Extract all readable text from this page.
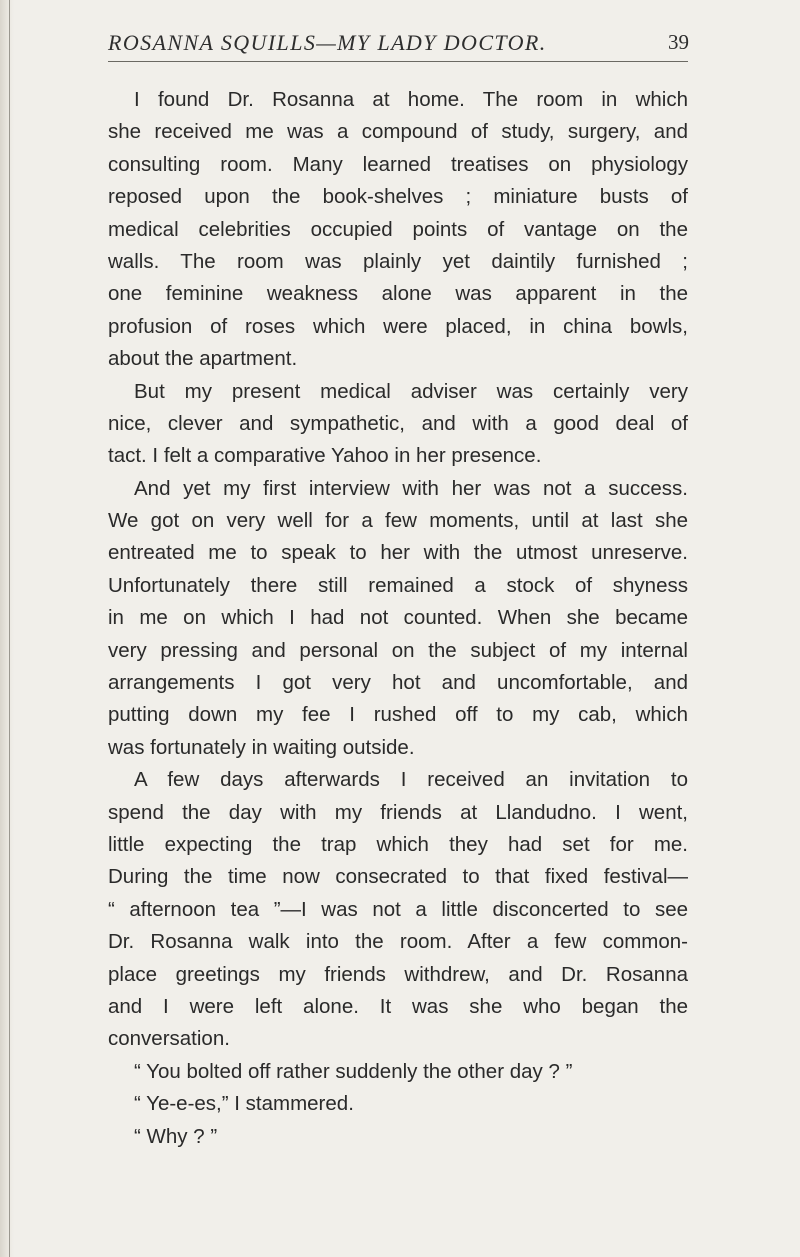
ROSANNA SQUILLS—MY LADY DOCTOR.	39
I found Dr. Rosanna at home. The room in which
she received me was a compound of study, surgery, and
consulting room. Many learned treatises on physiology
reposed upon the book-shelves ; miniature busts of
medical celebrities occupied points of vantage on the
walls. The room was plainly yet daintily furnished ;
one feminine weakness alone was apparent in the
profusion of roses which were placed, in china bowls,
about the apartment.
But my present medical adviser was certainly very
nice, clever and sympathetic, and with a good deal of
tact. I felt a comparative Yahoo in her presence.
And yet my first interview with her was not a success.
We got on very well for a few moments, until at last she
entreated me to speak to her with the utmost unreserve.
Unfortunately there still remained a stock of shyness
in me on which I had not counted. When she became
very pressing and personal on the subject of my internal
arrangements I got very hot and uncomfortable, and
putting down my fee I rushed off to my cab, which
was fortunately in waiting outside.
A few days afterwards I received an invitation to
spend the day with my friends at Llandudno. I went,
little expecting the trap which they had set for me.
During the time now consecrated to that fixed festival—
“ afternoon tea ”—I was not a little disconcerted to see
Dr. Rosanna walk into the room. After a few common-
place greetings my friends withdrew, and Dr. Rosanna
and I were left alone. It was she who began the
conversation.
“ You bolted off rather suddenly the other day ? ”
“ Ye-e-es,” I stammered.
“ Why ? ”
